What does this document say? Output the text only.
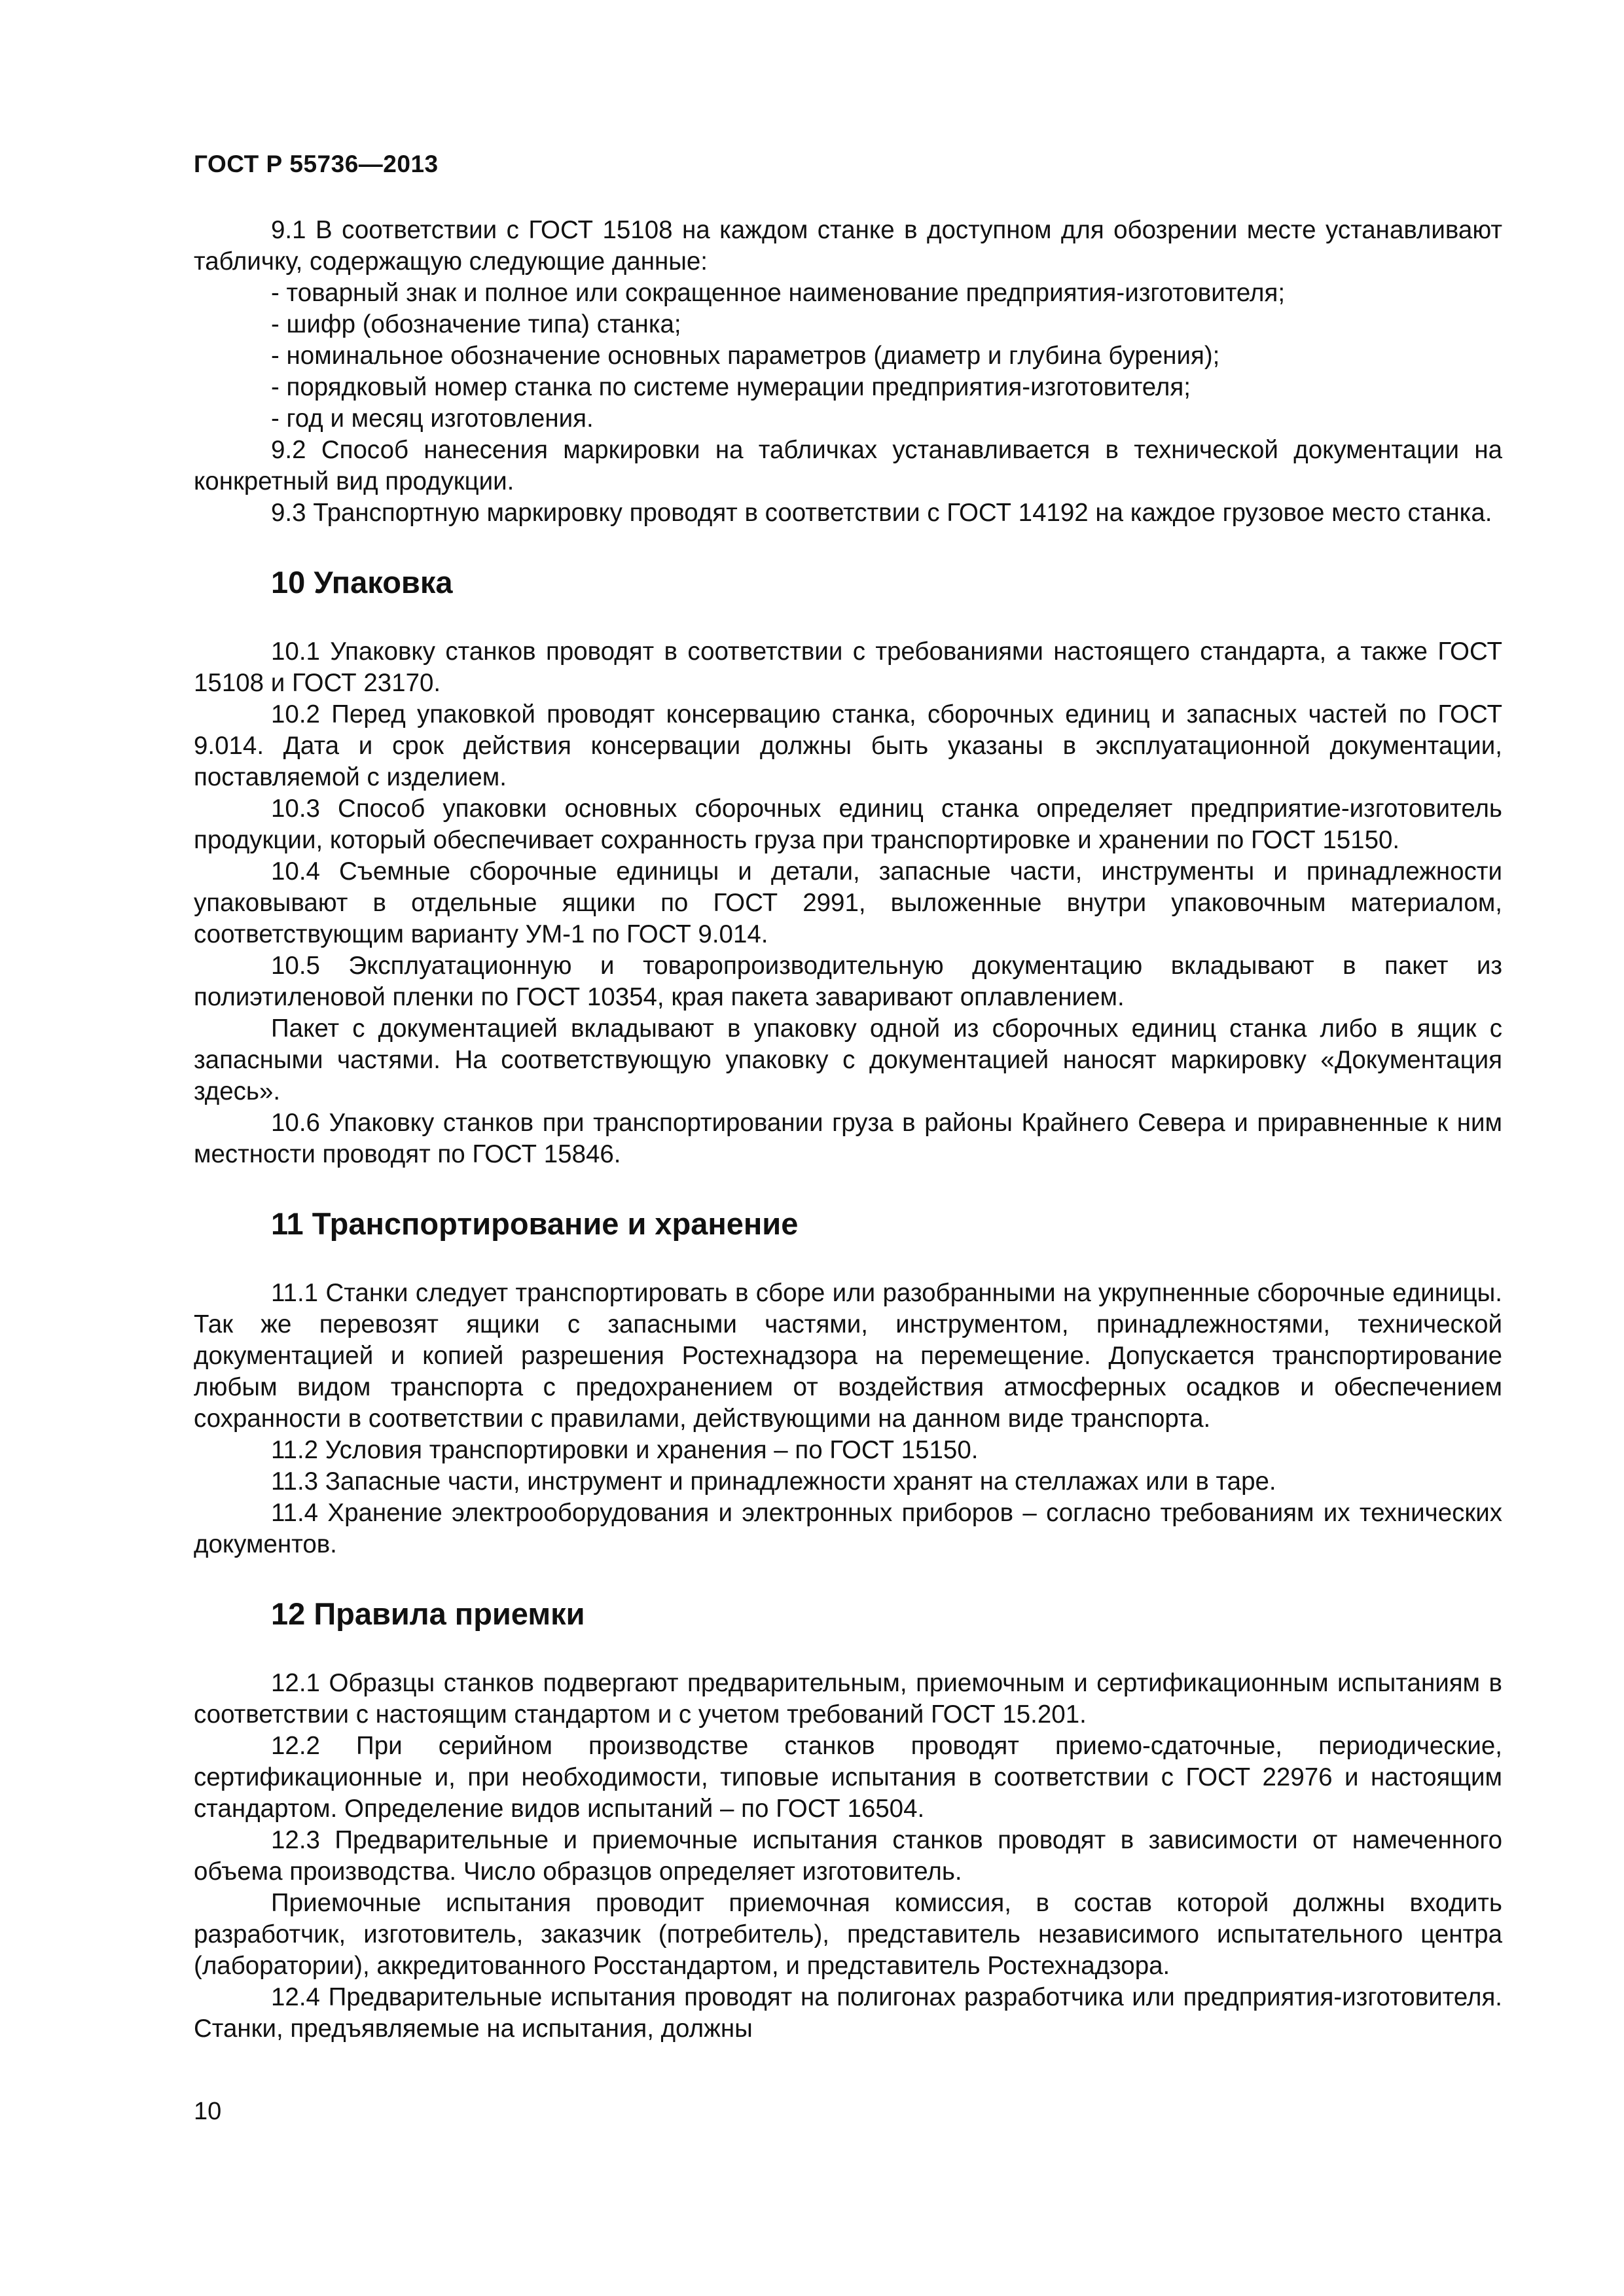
ГОСТ Р 55736—2013

9.1 В соответствии с ГОСТ 15108 на каждом станке в доступном для обозрении месте устанавливают табличку, содержащую следующие данные:

- товарный знак и полное или сокращенное наименование предприятия-изготовителя;

- шифр (обозначение типа) станка;

- номинальное обозначение основных параметров (диаметр и глубина бурения);

- порядковый номер станка по системе нумерации предприятия-изготовителя;

- год и месяц изготовления.

9.2 Способ нанесения маркировки на табличках устанавливается в технической документации на конкретный вид продукции.

9.3 Транспортную маркировку проводят в соответствии с ГОСТ 14192 на каждое грузовое место станка.

10 Упаковка

10.1 Упаковку станков проводят в соответствии с требованиями настоящего стандарта, а также ГОСТ 15108 и ГОСТ 23170.

10.2 Перед упаковкой проводят консервацию станка, сборочных единиц и запасных частей по ГОСТ 9.014. Дата и срок действия консервации должны быть указаны в эксплуатационной документации, поставляемой с изделием.

10.3 Способ упаковки основных сборочных единиц станка определяет предприятие-изготовитель продукции, который обеспечивает сохранность груза при транспортировке и хранении по ГОСТ 15150.

10.4 Съемные сборочные единицы и детали, запасные части, инструменты и принадлежности упаковывают в отдельные ящики по ГОСТ 2991, выложенные внутри упаковочным материалом, соответствующим варианту УМ-1 по ГОСТ 9.014.

10.5 Эксплуатационную и товаропроизводительную документацию вкладывают в пакет из полиэтиленовой пленки по ГОСТ 10354, края пакета заваривают оплавлением.

Пакет с документацией вкладывают в упаковку одной из сборочных единиц станка либо в ящик с запасными частями. На соответствующую упаковку с документацией наносят маркировку «Документация здесь».

10.6 Упаковку станков при транспортировании груза в районы Крайнего Севера и приравненные к ним местности проводят по ГОСТ 15846.

11 Транспортирование и хранение

11.1 Станки следует транспортировать в сборе или разобранными на укрупненные сборочные единицы. Так же перевозят ящики с запасными частями, инструментом, принадлежностями, технической документацией и копией разрешения Ростехнадзора на перемещение. Допускается транспортирование любым видом транспорта с предохранением от воздействия атмосферных осадков и обеспечением сохранности в соответствии с правилами, действующими на данном виде транспорта.

11.2 Условия транспортировки и хранения – по ГОСТ 15150.

11.3 Запасные части, инструмент и принадлежности хранят на стеллажах или в таре.

11.4 Хранение электрооборудования и электронных приборов – согласно требованиям их технических документов.

12 Правила приемки

12.1 Образцы станков подвергают предварительным, приемочным и сертификационным испытаниям в соответствии с настоящим стандартом и с учетом требований ГОСТ 15.201.

12.2 При серийном производстве станков проводят приемо-сдаточные, периодические, сертификационные и, при необходимости, типовые испытания в соответствии с ГОСТ 22976 и настоящим стандартом. Определение видов испытаний – по ГОСТ 16504.

12.3 Предварительные и приемочные испытания станков проводят в зависимости от намеченного объема производства. Число образцов определяет изготовитель.

Приемочные испытания проводит приемочная комиссия, в состав которой должны входить разработчик, изготовитель, заказчик (потребитель), представитель независимого испытательного центра (лаборатории), аккредитованного Росстандартом, и представитель Ростехнадзора.

12.4 Предварительные испытания проводят на полигонах разработчика или предприятия-изготовителя. Станки, предъявляемые на испытания, должны

10
